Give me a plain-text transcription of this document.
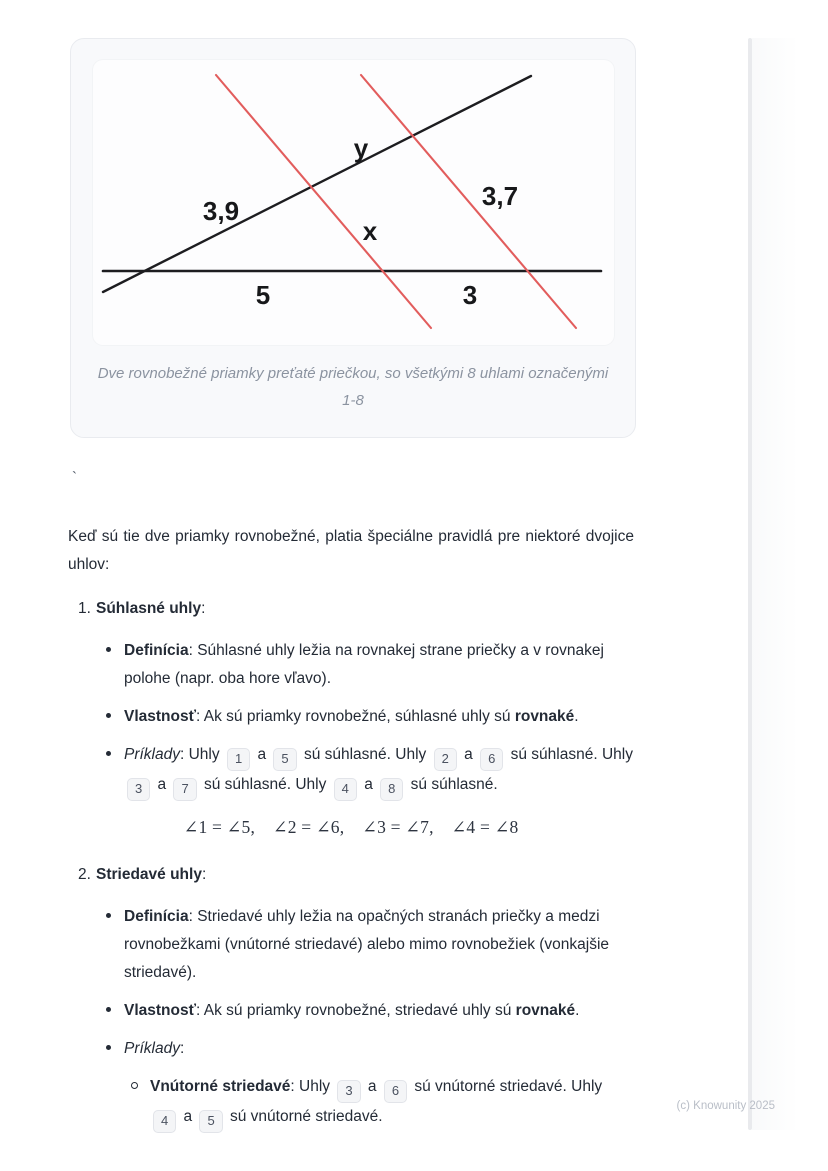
y
3,9
x
3,7
5	3
Dve rovnobežné priamky preťaté priečkou, so všetkými 8 uhlami označenými
1-8
`

Keď sú tie dve priamky rovnobežné, platia špeciálne pravidlá pre niektoré dvojice uhlov:

1. Súhlasné uhly:
Definícia: Súhlasné uhly ležia na rovnakej strane priečky a v rovnakej polohe (napr. oba hore vľavo).
Vlastnosť: Ak sú priamky rovnobežné, súhlasné uhly sú rovnaké.
Príklady: Uhly 1 a 5 sú súhlasné. Uhly 2 a 6 sú súhlasné. Uhly 3 a 7 sú súhlasné. Uhly 4 a 8 sú súhlasné.
∠1 = ∠5,  ∠2 = ∠6,  ∠3 = ∠7,  ∠4 = ∠8
2. Striedavé uhly:
Definícia: Striedavé uhly ležia na opačných stranách priečky a medzi rovnobežkami (vnútorné striedavé) alebo mimo rovnobežiek (vonkajšie striedavé).
Vlastnosť: Ak sú priamky rovnobežné, striedavé uhly sú rovnaké.
Príklady:
Vnútorné striedavé: Uhly 3 a 6 sú vnútorné striedavé. Uhly 4 a 5 sú vnútorné striedavé.
(c) Knowunity 2025
